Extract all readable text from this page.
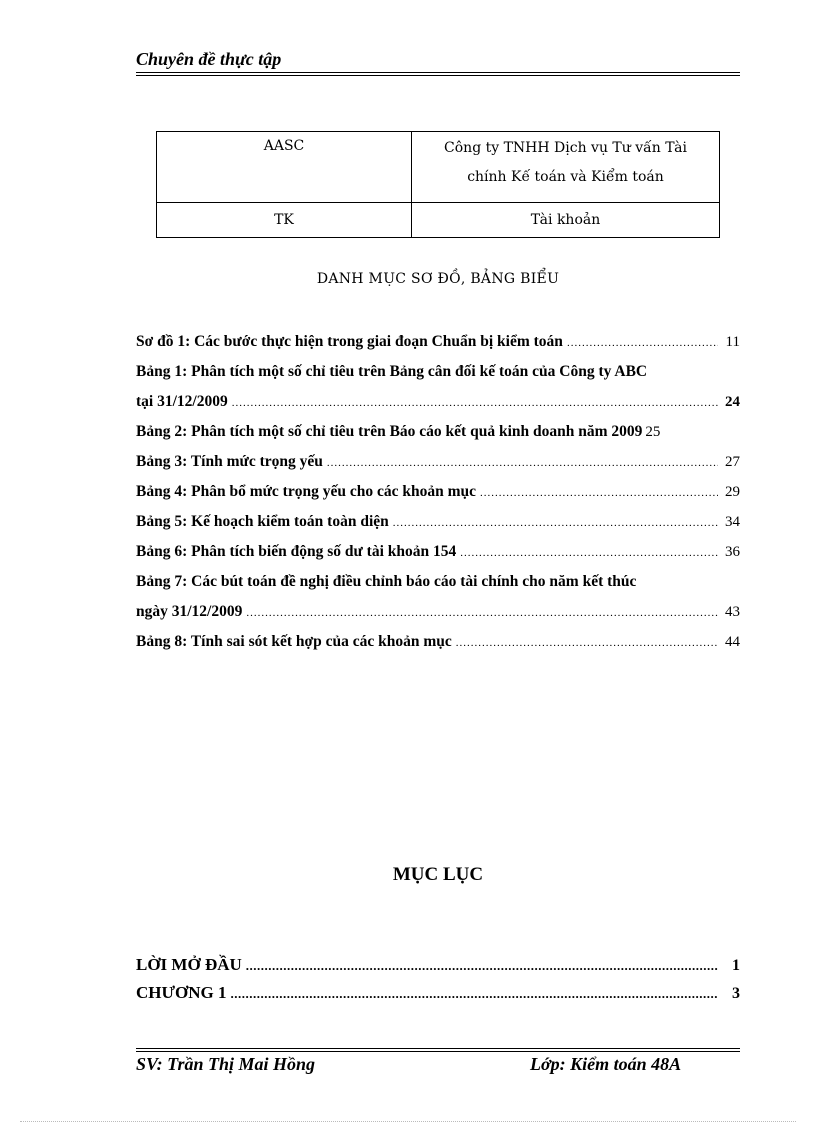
Chuyên đề thực tập
AASC	Công ty TNHH Dịch vụ Tư vấn Tài chính Kế toán và Kiểm toán
TK	Tài khoản
DANH MỤC SƠ ĐỒ, BẢNG BIỂU
Sơ đồ 1: Các bước thực hiện trong giai đoạn Chuẩn bị kiểm toán .....	11
Bảng 1: Phân tích một số chỉ tiêu trên Bảng cân đối kế toán của Công ty ABC
tại 31/12/2009 .....	24
Bảng 2: Phân tích một số chỉ tiêu trên Báo cáo kết quả kinh doanh năm 2009 25
Bảng 3: Tính mức trọng yếu .....	27
Bảng 4: Phân bổ mức trọng yếu cho các khoản mục .....	29
Bảng 5: Kế hoạch kiểm toán toàn diện .....	34
Bảng 6: Phân tích biến động số dư tài khoản 154 .....	36
Bảng 7: Các bút toán đề nghị điều chỉnh báo cáo tài chính cho năm kết thúc
ngày 31/12/2009 .....	43
Bảng 8: Tính sai sót kết hợp của các khoản mục .....	44
MỤC LỤC
LỜI MỞ ĐẦU .....	1
CHƯƠNG 1 .....	3
SV: Trần Thị Mai Hồng	Lớp: Kiểm toán 48A
